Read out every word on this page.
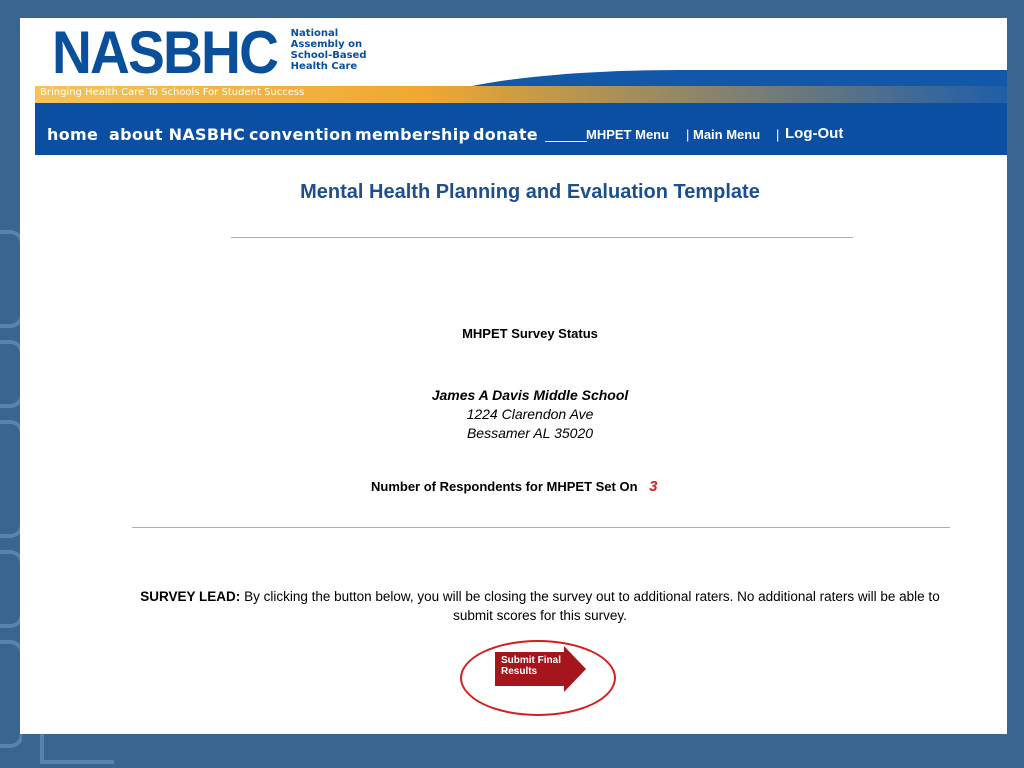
NASBHC National
Assembly on
School-Based
Health Care
Bringing Health Care To Schools For Student Success
home about NASBHC convention membership donate	MHPET Menu | Main Menu | Log-Out
Mental Health Planning and Evaluation Template
MHPET Survey Status
James A Davis Middle School
1224 Clarendon Ave
Bessamer AL 35020
Number of Respondents for MHPET Set On 3
SURVEY LEAD: By clicking the button below, you will be closing the survey out to additional raters. No additional raters will be able to submit scores for this survey.
Submit Final
Results
